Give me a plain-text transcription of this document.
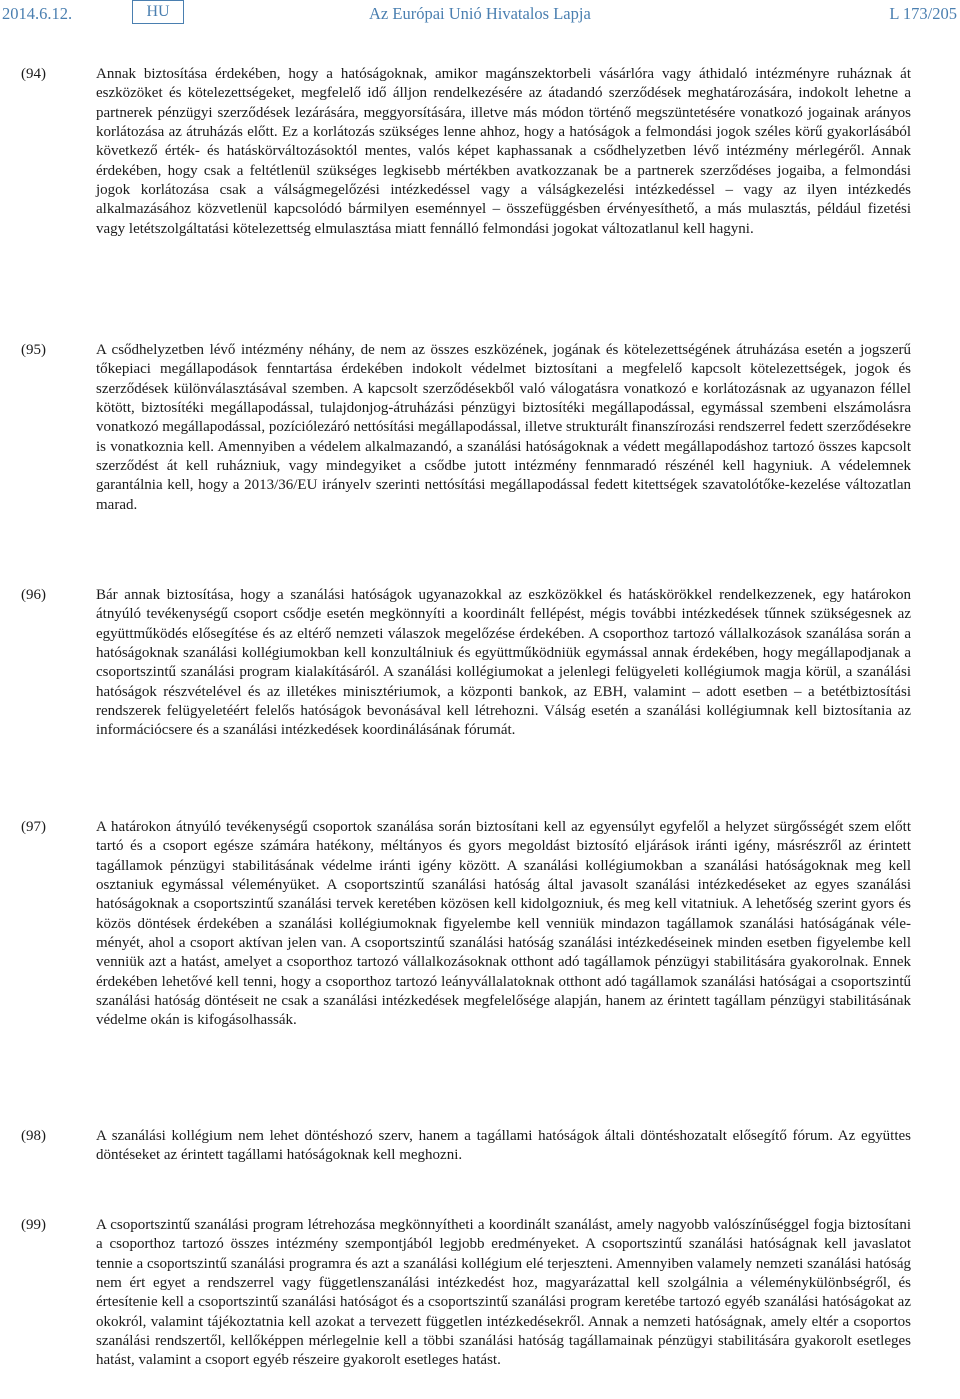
2014.6.12.	HU	Az Európai Unió Hivatalos Lapja	L 173/205
(94)	Annak biztosítása érdekében, hogy a hatóságoknak, amikor magánszektorbeli vásárlóra vagy áthidaló intézményre ruháznak át eszközöket és kötelezettségeket, megfelelő idő álljon rendelkezésére az átadandó szerződések meghatározására, indokolt lehetne a partnerek pénzügyi szerződések lezárására, meggyorsítására, illetve más módon történő megszüntetésére vonatkozó jogainak arányos korlátozása az átruházás előtt. Ez a korlátozás szükséges lenne ahhoz, hogy a hatóságok a felmondási jogok széles körű gyakorlásából következő érték- és hatáskörváltozásoktól mentes, valós képet kaphassanak a csődhelyzetben lévő intézmény mérlegéről. Annak érdekében, hogy csak a feltétlenül szükséges legkisebb mértékben avatkozzanak be a partnerek szerződéses jogaiba, a felmondási jogok korlátozása csak a válságmegelőzési intézkedéssel vagy a válságkezelési intézkedéssel – vagy az ilyen intézkedés alkalmazásához közvetlenül kapcsolódó bármilyen eseménnyel – összefüggésben érvényesíthető, a más mulasztás, például fizetési vagy letétszolgáltatási kötelezettség elmulasztása miatt fennálló felmondási jogokat változatlanul kell hagyni.

(95)	A csődhelyzetben lévő intézmény néhány, de nem az összes eszközének, jogának és kötelezettségének átruházása esetén a jogszerű tőkepiaci megállapodások fenntartása érdekében indokolt védelmet biztosítani a megfelelő kapcsolt kötelezettségek, jogok és szerződések különválasztásával szemben. A kapcsolt szerződésekből való válogatásra vonatkozó e korlátozásnak az ugyanazon féllel kötött, biztosítéki megállapodással, tulajdonjog-átruházási pénzügyi biztosítéki megállapodással, egymással szembeni elszámolásra vonatkozó megállapodással, pozíciólezáró nettósítási megállapodással, illetve strukturált finanszírozási rendszerrel fedett szerződésekre is vonatkoznia kell. Amennyiben a védelem alkalmazandó, a szanálási hatóságoknak a védett megállapodáshoz tartozó összes kapcsolt szerződést át kell ruházniuk, vagy mindegyiket a csődbe jutott intézmény fennmaradó részénél kell hagyniuk. A védelemnek garantálnia kell, hogy a 2013/36/EU irányelv szerinti nettósítási megállapodással fedett kitettségek szavatolótőke-kezelése változatlan marad.

(96)	Bár annak biztosítása, hogy a szanálási hatóságok ugyanazokkal az eszközökkel és hatáskörökkel rendelkezzenek, egy határokon átnyúló tevékenységű csoport csődje esetén megkönnyíti a koordinált fellépést, mégis további intézkedések tűnnek szükségesnek az együttműködés elősegítése és az eltérő nemzeti válaszok megelőzése érdekében. A csoporthoz tartozó vállalkozások szanálása során a hatóságoknak szanálási kollégiumokban kell konzultálniuk és együttműködniük egymással annak érdekében, hogy megállapodjanak a csoportszintű szanálási program kialakításáról. A szanálási kollégiumokat a jelenlegi felügyeleti kollégiumok magja körül, a szanálási hatóságok részvételével és az illetékes minisztériumok, a központi bankok, az EBH, valamint – adott esetben – a betétbiztosítási rendszerek felügyeletéért felelős hatóságok bevonásával kell létrehozni. Válság esetén a szanálási kollégiumnak kell biztosítania az információcsere és a szanálási intézkedések koordinálásának fórumát.

(97)	A határokon átnyúló tevékenységű csoportok szanálása során biztosítani kell az egyensúlyt egyfelől a helyzet sürgősségét szem előtt tartó és a csoport egésze számára hatékony, méltányos és gyors megoldást biztosító eljárások iránti igény, másrészről az érintett tagállamok pénzügyi stabilitásának védelme iránti igény között. A szanálási kollégiumokban a szanálási hatóságoknak meg kell osztaniuk egymással véleményüket. A csoportszintű szanálási hatóság által javasolt szanálási intézkedéseket az egyes szanálási hatóságoknak a csoportszintű szanálási tervek keretében közösen kell kidolgozniuk, és meg kell vitatniuk. A lehetőség szerint gyors és közös döntések érdekében a szanálási kollégiumoknak figyelembe kell venniük mindazon tagállamok szanálási hatóságának véleményét, ahol a csoport aktívan jelen van. A csoportszintű szanálási hatóság szanálási intézkedéseinek minden esetben figyelembe kell venniük azt a hatást, amelyet a csoporthoz tartozó vállalkozásoknak otthont adó tagállamok pénzügyi stabilitására gyakorolnak. Ennek érdekében lehetővé kell tenni, hogy a csoporthoz tartozó leányvállalatoknak otthont adó tagállamok szanálási hatóságai a csoportszintű szanálási hatóság döntéseit ne csak a szanálási intézkedések megfelelősége alapján, hanem az érintett tagállam pénzügyi stabilitásának védelme okán is kifogásolhassák.

(98)	A szanálási kollégium nem lehet döntéshozó szerv, hanem a tagállami hatóságok általi döntéshozatalt elősegítő fórum. Az együttes döntéseket az érintett tagállami hatóságoknak kell meghozni.

(99)	A csoportszintű szanálási program létrehozása megkönnyítheti a koordinált szanálást, amely nagyobb valószínűséggel fogja biztosítani a csoporthoz tartozó összes intézmény szempontjából legjobb eredményeket. A csoportszintű szanálási hatóságnak kell javaslatot tennie a csoportszintű szanálási programra és azt a szanálási kollégium elé terjeszteni. Amennyiben valamely nemzeti szanálási hatóság nem ért egyet a rendszerrel vagy függetlenszanálási intézkedést hoz, magyarázattal kell szolgálnia a véleménykülönbségről, és értesítenie kell a csoportszintű szanálási hatóságot és a csoportszintű szanálási program keretébe tartozó egyéb szanálási hatóságokat az okokról, valamint tájékoztatnia kell azokat a tervezett független intézkedésekről. Annak a nemzeti hatóságnak, amely eltér a csoportos szanálási rendszertől, kellőképpen mérlegelnie kell a többi szanálási hatóság tagállamainak pénzügyi stabilitására gyakorolt esetleges hatást, valamint a csoport egyéb részeire gyakorolt esetleges hatást.
